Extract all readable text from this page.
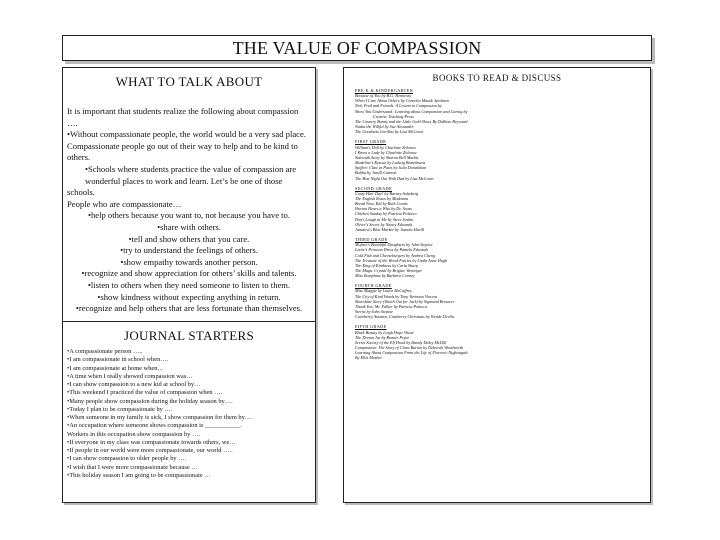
THE VALUE OF COMPASSION
WHAT TO TALK ABOUT

It is important that students realize the following about compassion ….

•Without compassionate people, the world would be a very sad place.

Compassionate people go out of their way to help and to be kind to others.

•Schools where students practice the value of compassion are

wonderful places to work and learn. Let’s be one of those schools.

People who are compassionate…

•help others because you want to, not because you have to.

•share with others.

•tell and show others that you care.

•try to understand the feelings of others.

•show empathy towards another person.

•recognize and show appreciation for others’ skills and talents.

•listen to others when they need someone to listen to them.

•show kindness without expecting anything in return.

•recognize and help others that are less fortunate than themselves.

JOURNAL STARTERS

•A compassionate person …..

•I am compassionate in school when….

•I am compassionate at home when…

•A time when I really showed compassion was…

•I can show compassion to a new kid at school by…

•This weekend I practiced the value of compassion when ….

•Many people show compassion during the holiday season by….

•Today I plan to be compassionate by ….

•When someone in my family is sick, I show compassion for them by….

•An occupation where someone shows compassion is ___________.

Workers in this occupation show compassion by ….

•If everyone in my class was compassionate towards others, we…

•If people in our world were more compassionate, our world …..

•I can show compassion to older people by ….

•I wish that I were more compassionate because …

•This holiday season I am going to be compassionate …

BOOKS TO READ & DISCUSS

PRE-K & KINDERGARTEN

Because of You by B.G. Hennessy

When I Care About Others by Cornelia Maude Spelman

Ned, Fred and Friends: A Lesson in Compassion by

Show You Understand: Learning about Compassion and Caring by

Creative Teaching Press

The Country Bunny and the Little Gold Shoes By DuBose Heyward

Nadia the Willful by Sue Alexander

The Goodness Gorillas by Lisa McCourt

FIRST GRADE

William's Doll by Charlotte Zolotow

I Know a Lady by Charlotte Zolotow

Sidewalk Story by Sharon Bell Mathis

Madeline's Rescue by Ludwig Bemelmans

Spiffen: Claw in Paws by Julia Donaldson

Bubba by Janell Cannon

The Best Night Out With Dad by Lisa McCourt

SECOND GRADE

Crazy Hair Day! by Barney Saltzberg

The English Roses by Madonna

Bread Now, Kid by Ruth Coutts

Horton Hears a Who by Dr. Seuss

Chicken Sunday by Patricia Polacco

Don't Laugh at Me by Steve Seskin

Oliver's Secret by Nancy Edwards

Jamaica's Blue Marker by Juanita Havill

THIRD GRADE

Mufaro's Beautiful Daughters by John Steptoe

Lottie's Princess Dress by Pamela Edwards

Cold Fish and Cheeseburgers by Andrea Cheng

The Treasure of the Wood-Fairies by Linda Anne Hugh

The King of Kindness by Carla Sharp

The Magic Crystal by Brigitte Weninger

Miss Rumphius by Barbara Cooney

FOURTH GRADE

Miss Maggie by Laura McCaffrey

The City of Kind Words by Tony Varinata Vincent

Shoeshine Story (Watch Out for Jack) by Sigmund Brouwer

Thank You, Mr. Falker by Patricia Polacco

Sierra by John Steptoe

Cranberry Autumn, Cranberry Christmas by Wende Devlin

FIFTH GRADE

Black Beauty by Leigh Hope Wood

The Dream Jar by Bonnie Pryor

Secret Society of the Elf Hood by Dandy Daley McDill

Compassion: The Story of Clara Barton by Deborah Woodworth

Learning About Compassion From the Life of Florence Nightingale

By Ellis Mosher
